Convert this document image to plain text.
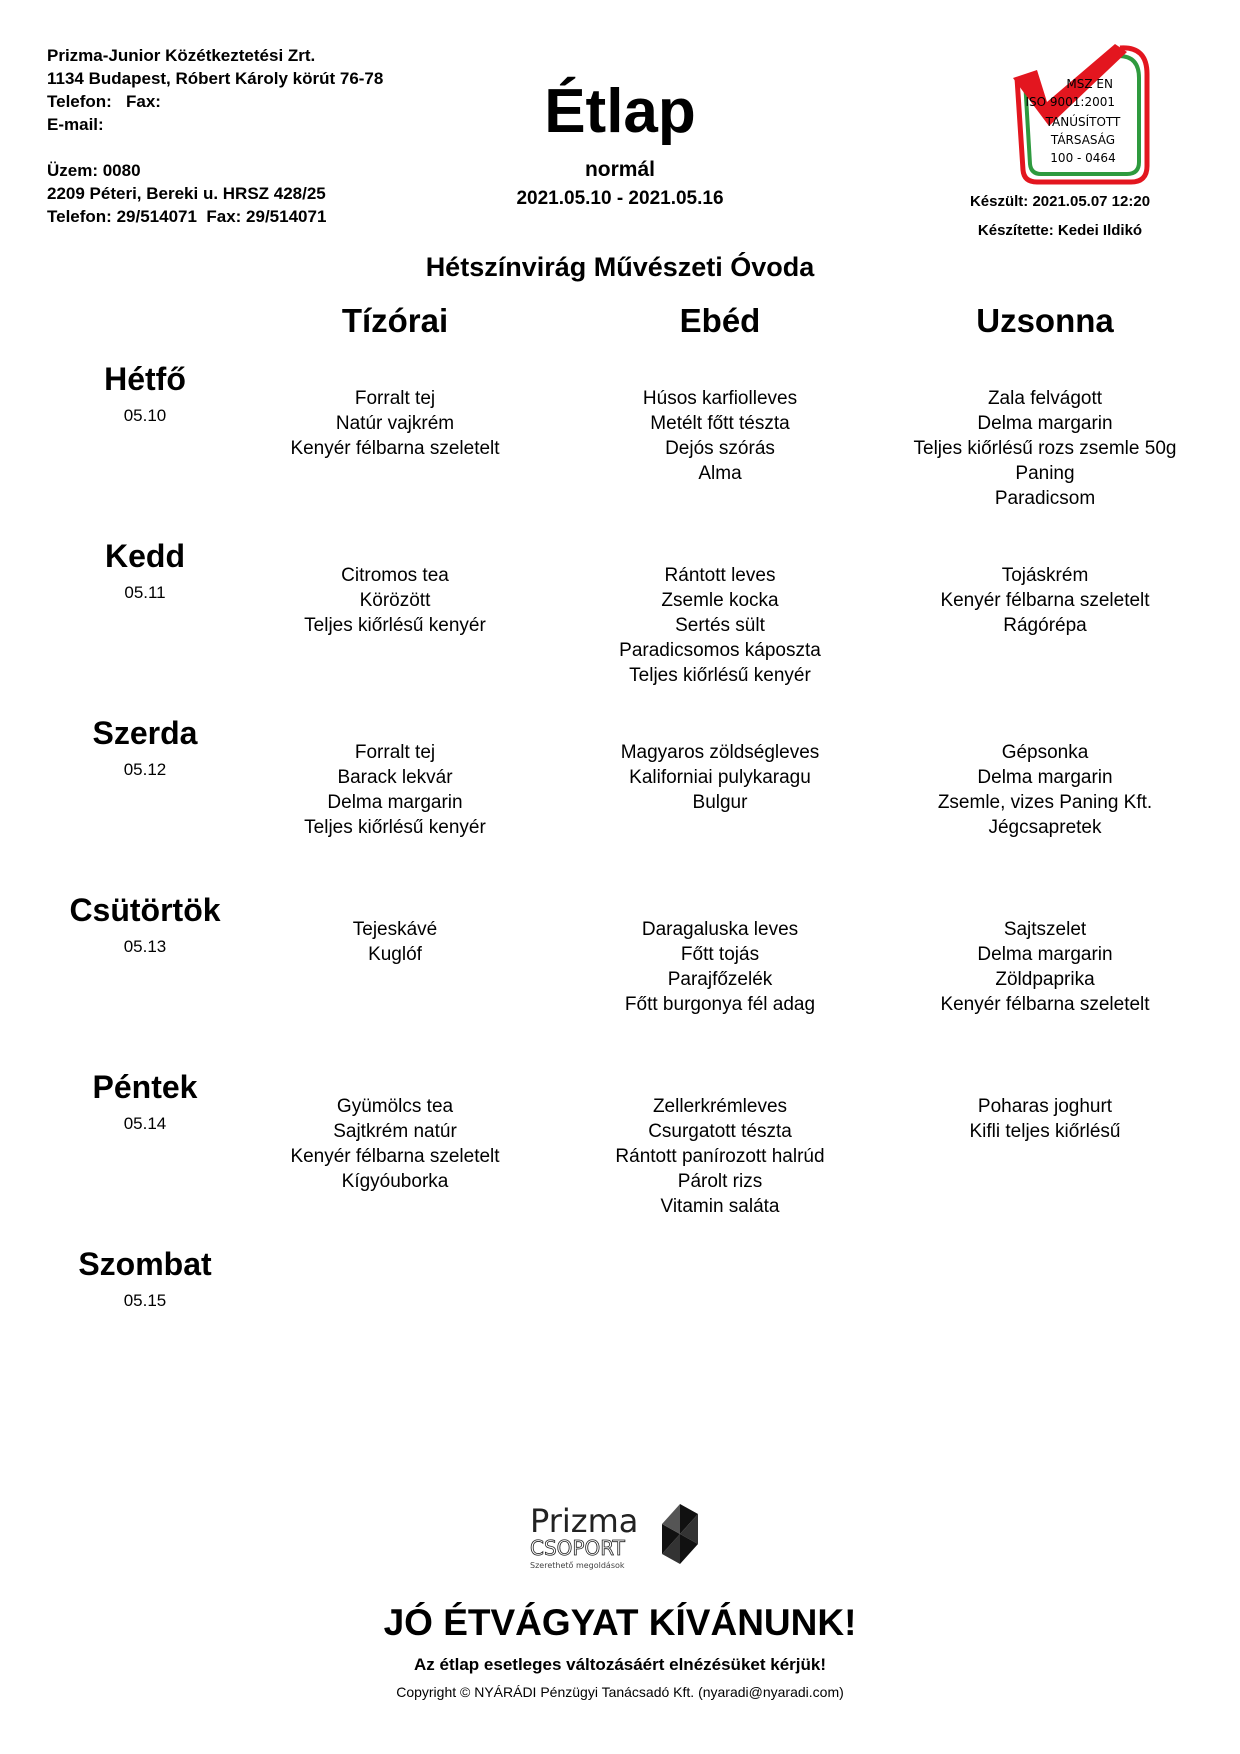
Prizma-Junior Közétkeztetési Zrt.
1134 Budapest, Róbert Károly körút 76-78
Telefon:   Fax:
E-mail:
Üzem: 0080
2209 Péteri, Bereki u. HRSZ 428/25
Telefon: 29/514071  Fax: 29/514071
Étlap
normál
2021.05.10 - 2021.05.16
MSZ EN
ISO 9001:2001
TANÚSÍTOTT
TÁRSASÁG
100 - 0464
Készült: 2021.05.07 12:20
Készítette: Kedei Ildikó
Hétszínvirág Művészeti Óvoda
Tízórai	Ebéd	Uzsonna
Hétfő
05.10
Forralt tej
Natúr vajkrém
Kenyér félbarna szeletelt
Húsos karfiolleves
Metélt főtt tészta
Dejós szórás
Alma
Zala felvágott
Delma margarin
Teljes kiőrlésű rozs zsemle 50g
Paning
Paradicsom
Kedd
05.11
Citromos tea
Körözött
Teljes kiőrlésű kenyér
Rántott leves
Zsemle kocka
Sertés sült
Paradicsomos káposzta
Teljes kiőrlésű kenyér
Tojáskrém
Kenyér félbarna szeletelt
Rágórépa
Szerda
05.12
Forralt tej
Barack lekvár
Delma margarin
Teljes kiőrlésű kenyér
Magyaros zöldségleves
Kaliforniai pulykaragu
Bulgur
Gépsonka
Delma margarin
Zsemle, vizes Paning Kft.
Jégcsapretek
Csütörtök
05.13
Tejeskávé
Kuglóf
Daragaluska leves
Főtt tojás
Parajfőzelék
Főtt burgonya fél adag
Sajtszelet
Delma margarin
Zöldpaprika
Kenyér félbarna szeletelt
Péntek
05.14
Gyümölcs tea
Sajtkrém natúr
Kenyér félbarna szeletelt
Kígyóuborka
Zellerkrémleves
Csurgatott tészta
Rántott panírozott halrúd
Párolt rizs
Vitamin saláta
Poharas joghurt
Kifli teljes kiőrlésű
Szombat
05.15
Prizma
CSOPORT
Szerethető megoldások
JÓ ÉTVÁGYAT KÍVÁNUNK!
Az étlap esetleges változásáért elnézésüket kérjük!
Copyright © NYÁRÁDI Pénzügyi Tanácsadó Kft. (nyaradi@nyaradi.com)
